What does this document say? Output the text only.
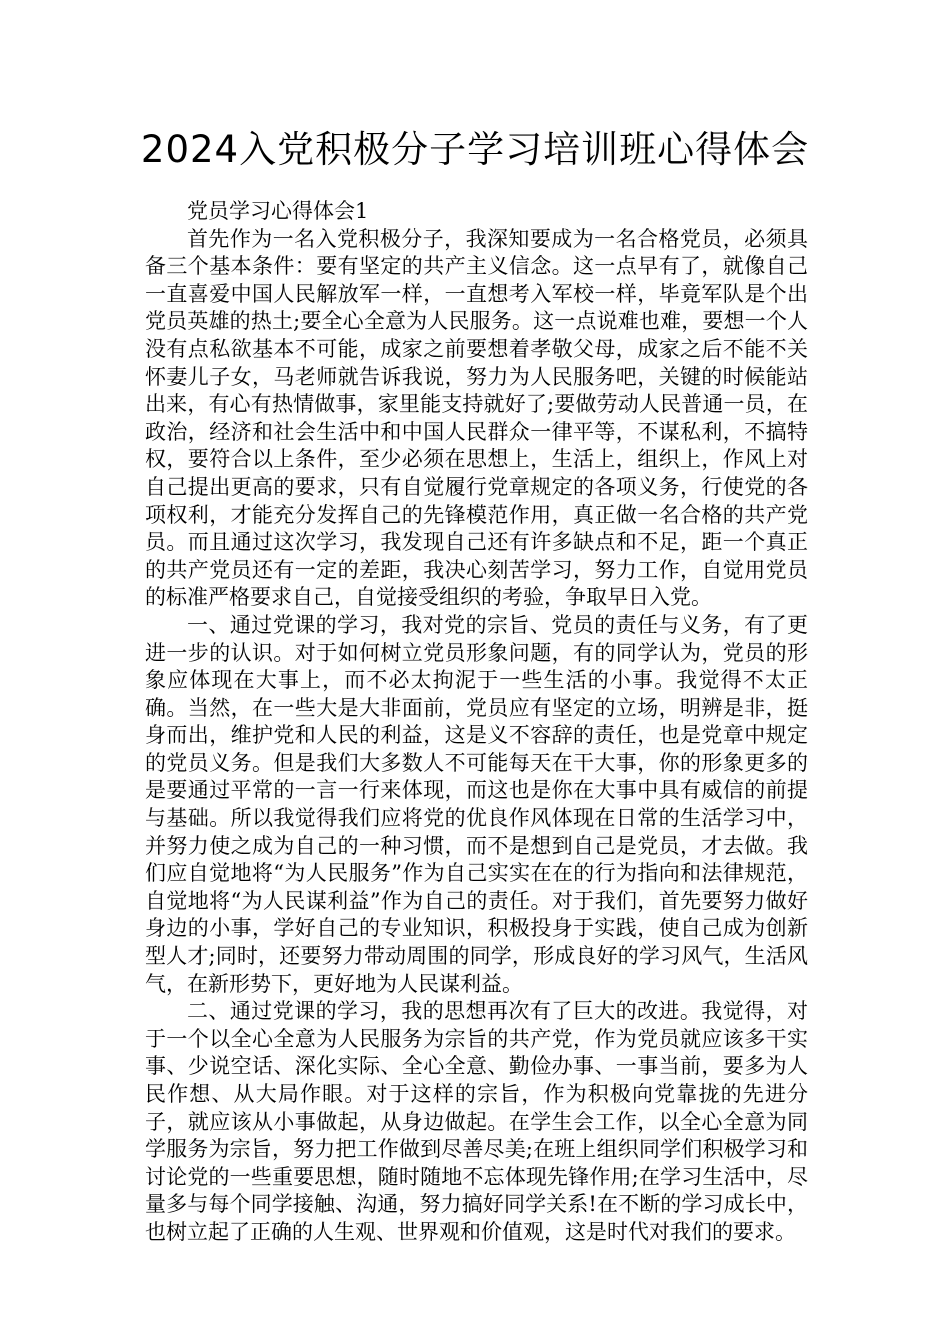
2024入党积极分子学习培训班心得体会

党员学习心得体会1

首先作为一名入党积极分子，我深知要成为一名合格党员，必须具备三个基本条件：要有坚定的共产主义信念。这一点早有了，就像自己一直喜爱中国人民解放军一样，一直想考入军校一样，毕竟军队是个出党员英雄的热土;要全心全意为人民服务。这一点说难也难，要想一个人没有点私欲基本不可能，成家之前要想着孝敬父母，成家之后不能不关怀妻儿子女，马老师就告诉我说，努力为人民服务吧，关键的时候能站出来，有心有热情做事，家里能支持就好了;要做劳动人民普通一员，在政治，经济和社会生活中和中国人民群众一律平等，不谋私利，不搞特权，要符合以上条件，至少必须在思想上，生活上，组织上，作风上对自己提出更高的要求，只有自觉履行党章规定的各项义务，行使党的各项权利，才能充分发挥自己的先锋模范作用，真正做一名合格的共产党员。而且通过这次学习，我发现自己还有许多缺点和不足，距一个真正的共产党员还有一定的差距，我决心刻苦学习，努力工作，自觉用党员的标准严格要求自己，自觉接受组织的考验，争取早日入党。

一、通过党课的学习，我对党的宗旨、党员的责任与义务，有了更进一步的认识。对于如何树立党员形象问题，有的同学认为，党员的形象应体现在大事上，而不必太拘泥于一些生活的小事。我觉得不太正确。当然，在一些大是大非面前，党员应有坚定的立场，明辨是非，挺身而出，维护党和人民的利益，这是义不容辞的责任，也是党章中规定的党员义务。但是我们大多数人不可能每天在干大事，你的形象更多的是要通过平常的一言一行来体现，而这也是你在大事中具有威信的前提与基础。所以我觉得我们应将党的优良作风体现在日常的生活学习中，并努力使之成为自己的一种习惯，而不是想到自己是党员，才去做。我们应自觉地将“为人民服务”作为自己实实在在的行为指向和法律规范，自觉地将“为人民谋利益”作为自己的责任。对于我们，首先要努力做好身边的小事，学好自己的专业知识，积极投身于实践，使自己成为创新型人才;同时，还要努力带动周围的同学，形成良好的学习风气，生活风气，在新形势下，更好地为人民谋利益。

二、通过党课的学习，我的思想再次有了巨大的改进。我觉得，对于一个以全心全意为人民服务为宗旨的共产党，作为党员就应该多干实事、少说空话、深化实际、全心全意、勤俭办事、一事当前，要多为人民作想、从大局作眼。对于这样的宗旨，作为积极向党靠拢的先进分子，就应该从小事做起，从身边做起。在学生会工作，以全心全意为同学服务为宗旨，努力把工作做到尽善尽美;在班上组织同学们积极学习和讨论党的一些重要思想，随时随地不忘体现先锋作用;在学习生活中，尽量多与每个同学接触、沟通，努力搞好同学关系!在不断的学习成长中，也树立起了正确的人生观、世界观和价值观，这是时代对我们的要求。
